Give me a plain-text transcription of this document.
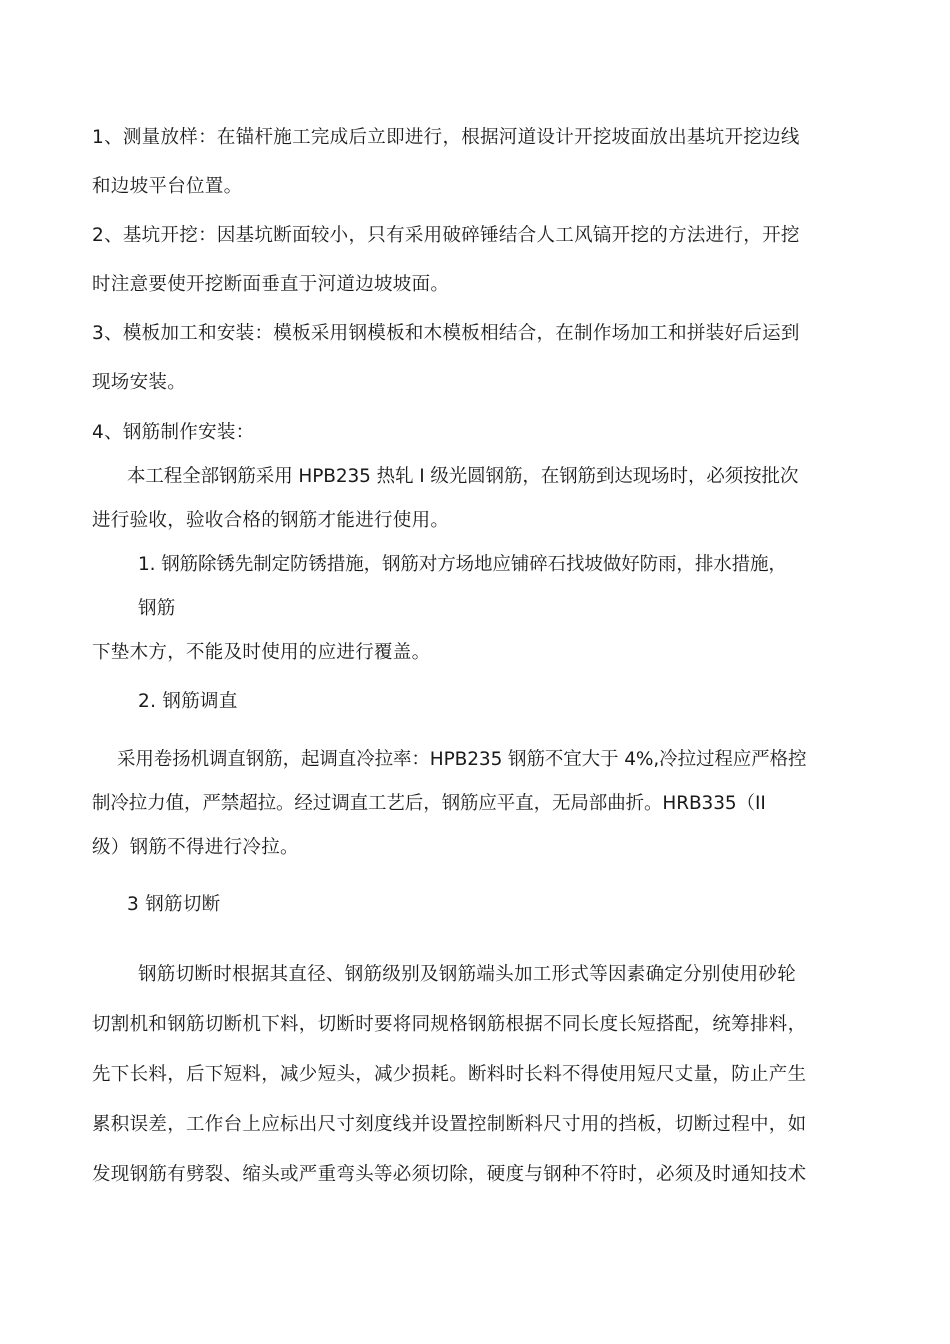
1、测量放样：在锚杆施工完成后立即进行，根据河道设计开挖坡面放出基坑开挖边线
和边坡平台位置。
2、基坑开挖：因基坑断面较小，只有采用破碎锤结合人工风镐开挖的方法进行，开挖
时注意要使开挖断面垂直于河道边坡坡面。
3、模板加工和安装：模板采用钢模板和木模板相结合，在制作场加工和拼装好后运到
现场安装。
4、钢筋制作安装：
本工程全部钢筋采用 HPB235 热轧 I 级光圆钢筋，在钢筋到达现场时，必须按批次
进行验收，验收合格的钢筋才能进行使用。
1. 钢筋除锈先制定防锈措施，钢筋对方场地应铺碎石找坡做好防雨，排水措施，
钢筋
下垫木方，不能及时使用的应进行覆盖。
2. 钢筋调直
采用卷扬机调直钢筋，起调直冷拉率：HPB235 钢筋不宜大于 4%,冷拉过程应严格控
制冷拉力值，严禁超拉。经过调直工艺后，钢筋应平直，无局部曲折。HRB335（II
级）钢筋不得进行冷拉。
3 钢筋切断
钢筋切断时根据其直径、钢筋级别及钢筋端头加工形式等因素确定分别使用砂轮
切割机和钢筋切断机下料，切断时要将同规格钢筋根据不同长度长短搭配，统筹排料，
先下长料，后下短料，减少短头，减少损耗。断料时长料不得使用短尺丈量，防止产生
累积误差，工作台上应标出尺寸刻度线并设置控制断料尺寸用的挡板，切断过程中，如
发现钢筋有劈裂、缩头或严重弯头等必须切除，硬度与钢种不符时，必须及时通知技术
